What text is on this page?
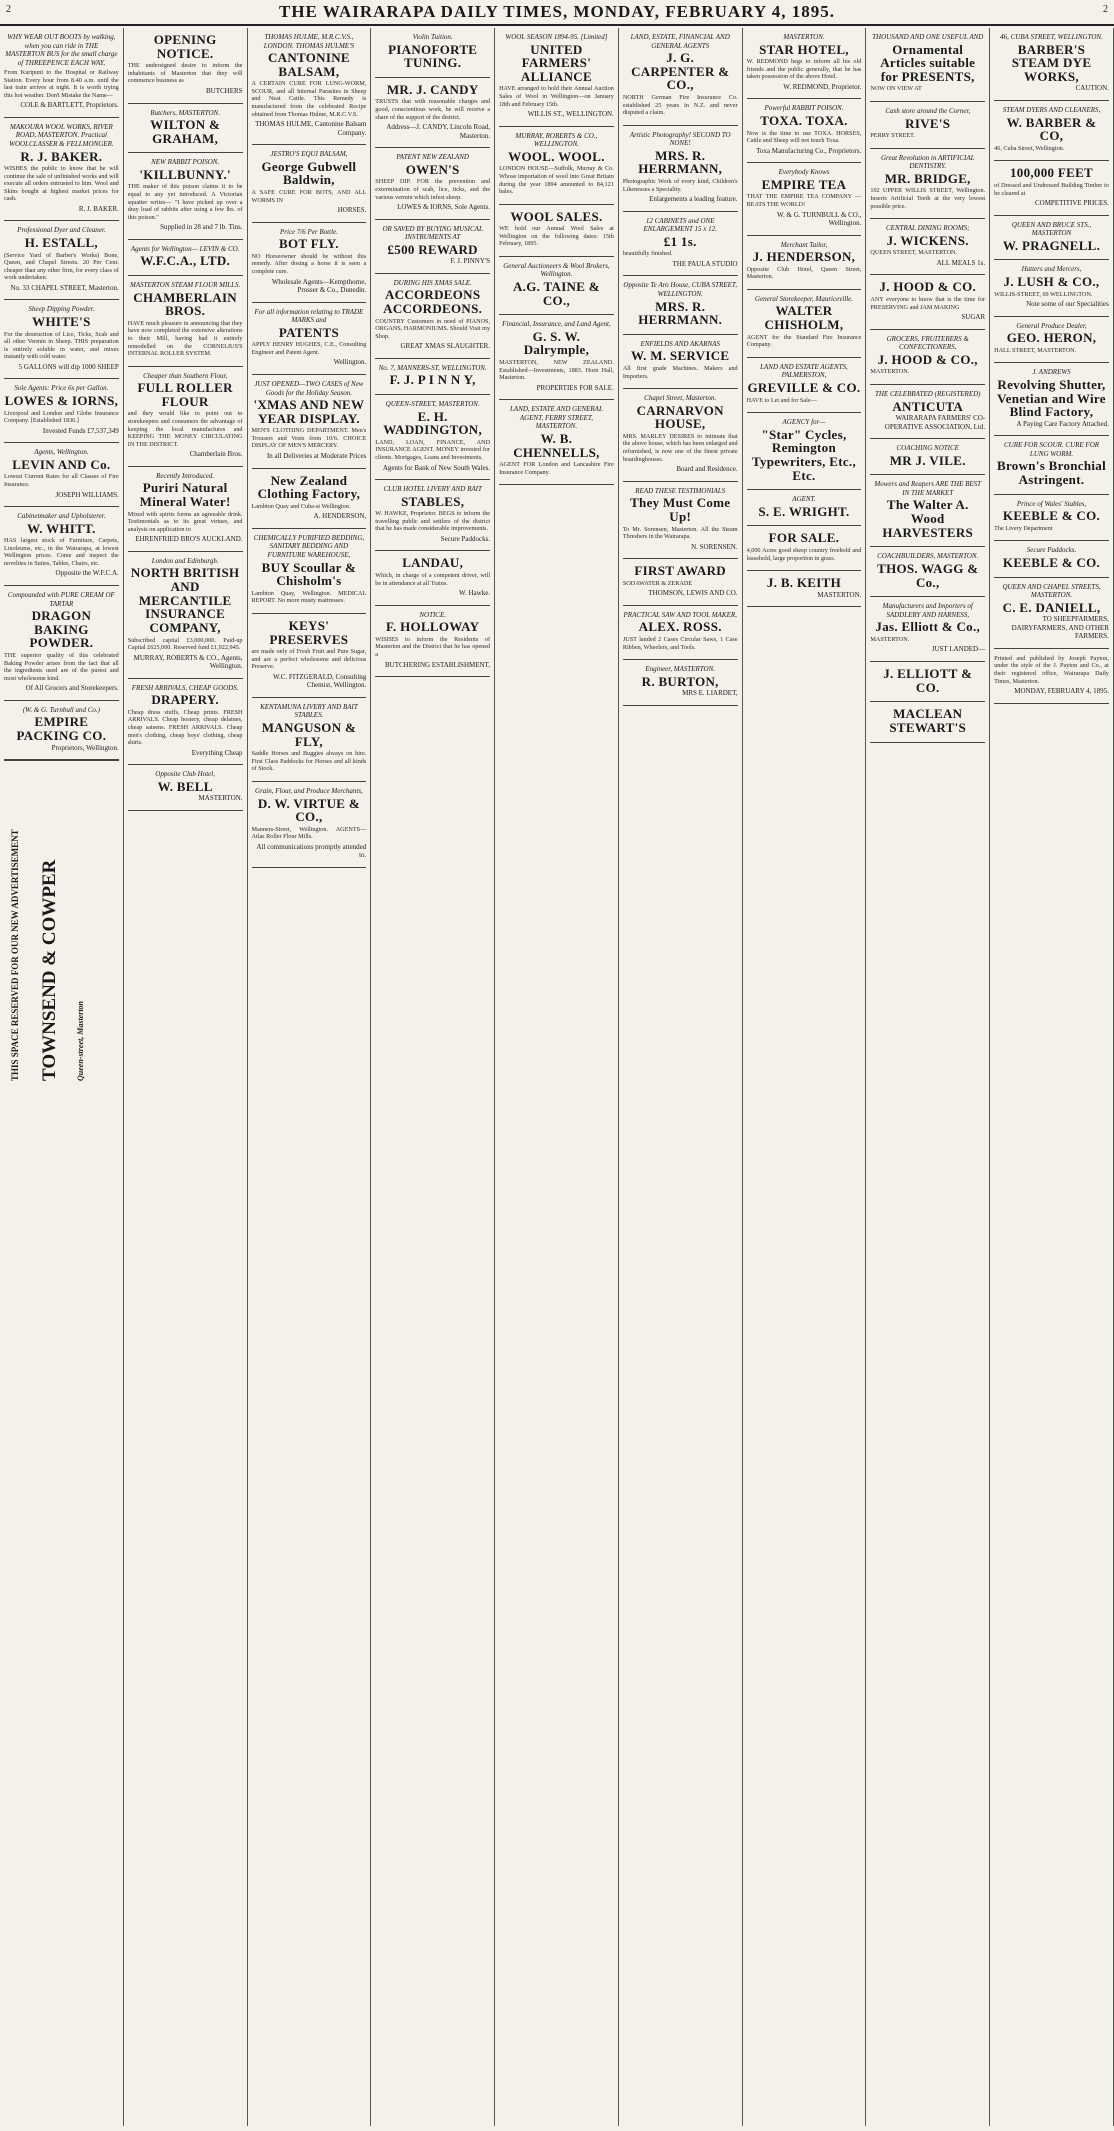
2	THE WAIRARAPA DAILY TIMES, MONDAY, FEBRUARY 4, 1895.	2
WHY WEAR OUT BOOTS by walking, when you can ride in THE MASTERTON BUS for the small charge of THREEPENCE EACH WAY,
From Kuripuni to the Hospital or Railway Station. Every hour from 8.40 a.m. until the last train arrives at night. It is worth trying this hot weather. Don't Mistake the Name—
COLE & BARTLETT, Proprietors.
MAKOURA WOOL WORKS, RIVER ROAD, MASTERTON. Practical WOOLCLASSER & FELLMONGER.
R. J. BAKER.
WISHES the public to know that he will continue the sale of unfinished works and will execute all orders entrusted to him. Wool and Skins bought at highest market prices for cash.
R. J. BAKER.
Professional Dyer and Cleaner.
H. ESTALL,
(Service Yard of Barber's Works) Bone, Queen, and Chapel Streets. 20 Per Cent. cheaper than any other firm, for every class of work undertaken.
No. 33 CHAPEL STREET, Masterton.
Sheep Dipping Powder.
WHITE'S
For the destruction of Lice, Ticks, Scab and all other Vermin in Sheep. THIS preparation is entirely soluble in water, and mixes instantly with cold water.
5 GALLONS will dip 1000 SHEEP
Sole Agents: Price 6s per Gallon.
LOWES & IORNS,
Liverpool and London and Globe Insurance Company. [Established 1836.]
Invested Funds £7,537,349
Agents, Wellington.
LEVIN AND Co.
Lowest Current Rates for all Classes of Fire Insurance.
JOSEPH WILLIAMS.
Cabinetmaker and Upholsterer.
W. WHITT.
HAS largest stock of Furniture, Carpets, Linoleums, etc., in the Wairarapa, at lowest Wellington prices. Come and inspect the novelties in Suites, Tables, Chairs, etc.
Opposite the W.F.C.A.
Compounded with PURE CREAM OF TARTAR
DRAGON BAKING POWDER.
THE superior quality of this celebrated Baking Powder arises from the fact that all the ingredients used are of the purest and most wholesome kind.
Of All Grocers and Storekeepers.
(W. & G. Turnbull and Co.)
EMPIRE PACKING CO.
Proprietors, Wellington.
THIS SPACE RESERVED FOR OUR NEW ADVERTISEMENT TOWNSEND & COWPER Queen-street, Masterton
OPENING NOTICE.
THE undersigned desire to inform the inhabitants of Masterton that they will commence business as
BUTCHERS
Butchers, MASTERTON.
WILTON & GRAHAM,
NEW RABBIT POISON.
'KILLBUNNY.'
THE maker of this poison claims it to be equal to any yet introduced. A Victorian squatter writes— "I have picked up over a dray load of rabbits after using a few lbs. of this poison."
Supplied in 28 and 7 lb. Tins.
Agents for Wellington— LEVIN & CO.
W.F.C.A., LTD.
MASTERTON STEAM FLOUR MILLS.
CHAMBERLAIN BROS.
HAVE much pleasure in announcing that they have now completed the extensive alterations to their Mill, having had it entirely remodelled on the CORNELIUS'S INTERNAL ROLLER SYSTEM.
Cheaper than Southern Flour,
FULL ROLLER FLOUR
and they would like to point out to storekeepers and consumers the advantage of keeping the local manufactures and KEEPING THE MONEY CIRCULATING IN THE DISTRICT.
Chamberlain Bros.
Recently Introduced.
Puriri Natural Mineral Water!
Mixed with spirits forms an agreeable drink. Testimonials as to its great virtues, and analysis on application to
EHRENFRIED BRO'S AUCKLAND.
London and Edinburgh.
NORTH BRITISH AND MERCANTILE INSURANCE COMPANY,
Subscribed capital £3,000,000. Paid-up Capital £625,000. Reserved fund £1,922,945.
MURRAY, ROBERTS & CO., Agents, Wellington.
FRESH ARRIVALS, CHEAP GOODS.
DRAPERY.
Cheap dress stuffs, Cheap prints. FRESH ARRIVALS. Cheap hosiery, cheap delaines, cheap sateens. FRESH ARRIVALS. Cheap men's clothing, cheap boys' clothing, cheap shirts.
Everything Cheap
Opposite Club Hotel,
W. BELL
MASTERTON.
THOMAS HULME, M.R.C.V.S., LONDON. THOMAS HULME'S
CANTONINE BALSAM,
A CERTAIN CURE FOR LUNG-WORM, SCOUR, and all Internal Parasites in Sheep and Neat Cattle. This Remedy is manufactured from the celebrated Recipe obtained from Thomas Hulme, M.R.C.V.S.
THOMAS HULME, Cantonine Balsam Company.
JESTRO'S EQUI BALSAM,
George Gubwell Baldwin,
A SAFE CURE FOR BOTS, AND ALL WORMS IN
HORSES.
Price 7/6 Per Bottle.
BOT FLY.
NO Horseowner should be without this remedy. After dosing a horse it is seen a complete cure.
Wholesale Agents—Kempthorne, Prosser & Co., Dunedin.
For all information relating to TRADE MARKS and
PATENTS
APPLY HENRY HUGHES, C.E., Consulting Engineer and Patent Agent.
Wellington.
JUST OPENED—TWO CASES of New Goods for the Holiday Season.
'XMAS AND NEW YEAR DISPLAY.
MEN'S CLOTHING DEPARTMENT. Men's Trousers and Vests from 10/6. CHOICE DISPLAY OF MEN'S MERCERY.
In all Deliveries at Moderate Prices
New Zealand Clothing Factory,
Lambton Quay and Cuba-st Wellington.
A. HENDERSON,
CHEMICALLY PURIFIED BEDDING, SANITARY BEDDING AND FURNITURE WAREHOUSE,
BUY Scoullar & Chisholm's
Lambton Quay, Wellington. MEDICAL REPORT. No more musty mattresses.
KEYS' PRESERVES
are made only of Fresh Fruit and Pure Sugar, and are a perfect wholesome and delicious Preserve.
W.C. FITZGERALD, Consulting Chemist, Wellington.
KENTAMUNA LIVERY AND BAIT STABLES.
MANGUSON & FLY,
Saddle Horses and Buggies always on hire. First Class Paddocks for Horses and all kinds of Stock.
Grain, Flour, and Produce Merchants,
D. W. VIRTUE & CO.,
Manners-Street, Wellington. AGENTS— Atlas Roller Flour Mills.
All communications promptly attended to.
Violin Tuition.
PIANOFORTE TUNING.
MR. J. CANDY
TRUSTS that with reasonable charges and good, conscientious work, he will receive a share of the support of the district.
Address—J. CANDY, Lincoln Road, Masterton.
PATENT NEW ZEALAND
OWEN'S
SHEEP DIP. FOR the prevention and extermination of scab, lice, ticks, and the various vermin which infest sheep.
LOWES & IORNS, Sole Agents.
OR SAVED BY BUYING MUSICAL INSTRUMENTS AT
£500 REWARD
F. J. PINNY'S
DURING HIS XMAS SALE.
ACCORDEONS ACCORDEONS.
COUNTRY Customers in need of PIANOS, ORGANS, HARMONIUMS. Should Visit my Shop.
GREAT XMAS SLAUGHTER.
No. 7, MANNERS-ST, WELLINGTON.
F. J. P I N N Y,
QUEEN-STREET, MASTERTON.
E. H. WADDINGTON,
LAND, LOAN, FINANCE, AND INSURANCE AGENT. MONEY invested for clients. Mortgages, Loans and Investments.
Agents for Bank of New South Wales.
CLUB HOTEL LIVERY AND BAIT
STABLES,
W. HAWKE, Proprietor. BEGS to inform the travelling public and settlers of the district that he has made considerable improvements.
Secure Paddocks.
LANDAU,
Which, in charge of a competent driver, will be in attendance at all Trains.
W. Hawke.
NOTICE.
F. HOLLOWAY
WISHES to inform the Residents of Masterton and the District that he has opened a
BUTCHERING ESTABLISHMENT,
WOOL SEASON 1894-95. [Limited]
UNITED FARMERS' ALLIANCE
HAVE arranged to hold their Annual Auction Sales of Wool in Wellington—on January 18th and February 15th.
WILLIS ST., WELLINGTON.
MURRAY, ROBERTS & CO., WELLINGTON.
WOOL. WOOL.
LONDON HOUSE—Suffolk, Murray & Co. Whose importation of wool into Great Britain during the year 1894 amounted to 84,121 bales.
WOOL SALES.
WE hold our Annual Wool Sales at Wellington on the following dates: 15th February, 1895.
General Auctioneers & Wool Brokers, Wellington.
A.G. TAINE & CO.,
Financial, Insurance, and Land Agent,
G. S. W. Dalrymple,
MASTERTON, NEW ZEALAND. Established—Investments, 1883. Horn Hall, Masterton.
PROPERTIES FOR SALE.
LAND, ESTATE AND GENERAL AGENT, FERRY STREET, MASTERTON.
W. B. CHENNELLS,
AGENT FOR London and Lancashire Fire Insurance Company.
LAND, ESTATE, FINANCIAL AND GENERAL AGENTS
J. G. CARPENTER & CO.,
NORTH German Fire Insurance Co. established 25 years in N.Z. and never disputed a claim.
Artistic Photography! SECOND TO NONE!
MRS. R. HERRMANN,
Photographic Work of every kind, Children's Likenesses a Speciality.
Enlargements a leading feature.
12 CABINETS and ONE ENLARGEMENT 15 x 12.
£1 1s.
beautifully finished.
THE PAULA STUDIO
Opposite Te Aro House, CUBA STREET, WELLINGTON.
MRS. R. HERRMANN.
ENFIELDS AND AKARNAS
W. M. SERVICE
All first grade Machines. Makers and Importers.
Chapel Street, Masterton.
CARNARVON HOUSE,
MRS. MARLEY DESIRES to intimate that the above house, which has been enlarged and refurnished, is now one of the finest private boardinghouses.
Board and Residence.
READ THESE TESTIMONIALS
They Must Come Up!
To Mr. Sorensen, Masterton. All the Steam Threshers in the Wairarapa.
N. SORENSEN.
FIRST AWARD
SODAWATER & ZERADE
THOMSON, LEWIS AND CO.
PRACTICAL SAW AND TOOL MAKER,
ALEX. ROSS.
JUST landed 2 Cases Circular Saws, 1 Case Ribben, Wheelers, and Tools.
Engineer, MASTERTON.
R. BURTON,
MRS E. LIARDET,
MASTERTON.
STAR HOTEL,
W. REDMOND begs to inform all his old friends and the public generally, that he has taken possession of the above Hotel.
W. REDMOND, Proprietor.
Powerful RABBIT POISON.
TOXA. TOXA.
Now is the time to use TOXA. HORSES, Cattle and Sheep will not touch Toxa.
Toxa Manufacturing Co., Proprietors.
Everybody Knows
EMPIRE TEA
THAT THE EMPIRE TEA COMPANY — BEATS THE WORLD!
W. & G. TURNBULL & CO., Wellington.
Merchant Tailor,
J. HENDERSON,
Opposite Club Hotel, Queen Street, Masterton.
General Storekeeper, Mauriceville.
WALTER CHISHOLM,
AGENT for the Standard Fire Insurance Company.
LAND AND ESTATE AGENTS, PALMERSTON,
GREVILLE & CO.
HAVE to Let and for Sale—
AGENCY for—
"Star" Cycles, Remington Typewriters, Etc., Etc.
AGENT.
S. E. WRIGHT.
FOR SALE.
4,000 Acres good sheep country freehold and leasehold, large proportion in grass.
J. B. KEITH
MASTERTON.
THOUSAND AND ONE USEFUL AND
Ornamental Articles suitable for PRESENTS,
NOW ON VIEW AT
Cash store around the Corner,
RIVE'S
PERRY STREET.
Great Revolution in ARTIFICIAL DENTISTRY.
MR. BRIDGE,
102 UPPER WILLIS STREET, Wellington. Inserts Artificial Teeth at the very lowest possible price.
CENTRAL DINING ROOMS;
J. WICKENS.
QUEEN STREET, MASTERTON.
ALL MEALS 1s.
J. HOOD & CO.
ANY everyone to know that is the time for PRESERVING and JAM MAKING
SUGAR
GROCERS, FRUITERERS & CONFECTIONERS,
J. HOOD & CO.,
MASTERTON.
THE CELEBRATED (REGISTERED)
ANTICUTA
WAIRARAPA FARMERS' CO-OPERATIVE ASSOCIATION, Ltd.
COACHING NOTICE
MR J. VILE.
Mowers and Reapers ARE THE BEST IN THE MARKET
The Walter A. Wood HARVESTERS
COACHBUILDERS, MASTERTON.
THOS. WAGG & Co.,
Manufacturers and Importers of SADDLERY AND HARNESS,
Jas. Elliott & Co.,
MASTERTON.
JUST LANDED—
J. ELLIOTT & CO.
MACLEAN STEWART'S
46, CUBA STREET, WELLINGTON.
BARBER'S STEAM DYE WORKS,
CAUTION.
STEAM DYERS AND CLEANERS,
W. BARBER & CO,
46, Cuba Street, Wellington.
100,000 FEET
of Dressed and Undressed Building Timber to be cleared at
COMPETITIVE PRICES.
QUEEN AND BRUCE STS., MASTERTON
W. PRAGNELL.
Hatters and Mercers,
J. LUSH & CO.,
WILLIS-STREET, 69 WELLINGTON.
Note some of our Specialities
General Produce Dealer,
GEO. HERON,
HALL STREET, MASTERTON.
J. ANDREWS
Revolving Shutter, Venetian and Wire Blind Factory,
A Paying Care Factory Attached.
CURE FOR SCOUR. CURE FOR LUNG WORM.
Brown's Bronchial Astringent.
Prince of Wales' Stables,
KEEBLE & CO.
The Livery Department
Secure Paddocks.
KEEBLE & CO.
QUEEN AND CHAPEL STREETS, MASTERTON.
C. E. DANIELL,
TO SHEEPFARMERS, DAIRYFARMERS, AND OTHER FARMERS.
Printed and published by Joseph Payton, under the style of the J. Payton and Co., at their registered office, Wairarapa Daily Times, Masterton.
MONDAY, FEBRUARY 4, 1895.
